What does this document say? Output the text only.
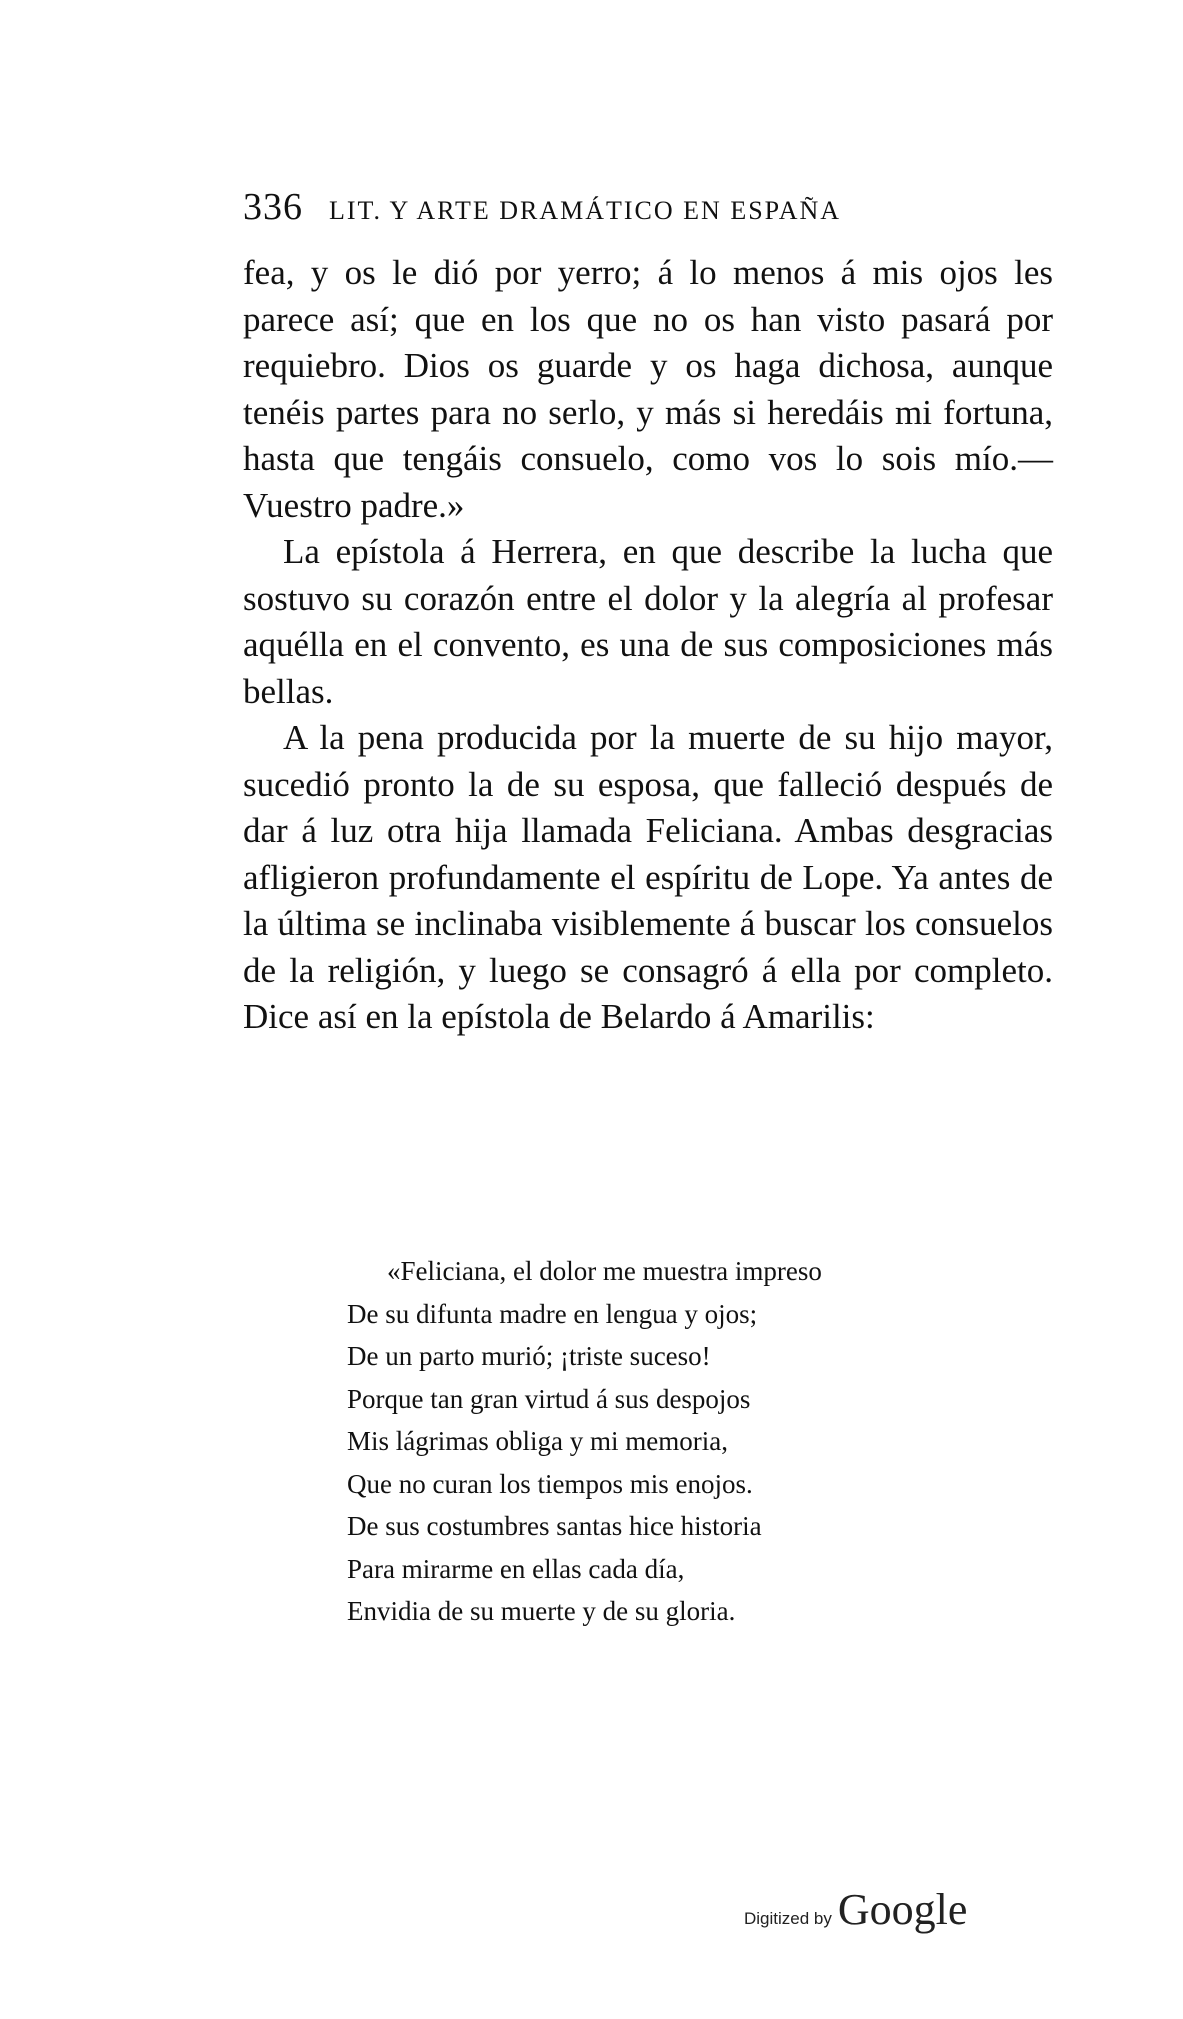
336 LIT. Y ARTE DRAMÁTICO EN ESPAÑA

fea, y os le dió por yerro; á lo menos á mis ojos les parece así; que en los que no os han visto pasará por requiebro. Dios os guarde y os haga dichosa, aunque tenéis partes para no serlo, y más si heredáis mi fortuna, hasta que tengáis consuelo, como vos lo sois mío.—Vuestro padre.»

La epístola á Herrera, en que describe la lucha que sostuvo su corazón entre el dolor y la alegría al profesar aquélla en el convento, es una de sus composiciones más bellas.

A la pena producida por la muerte de su hijo mayor, sucedió pronto la de su esposa, que falleció después de dar á luz otra hija llamada Feliciana. Ambas desgracias afligieron profundamente el espíritu de Lope. Ya antes de la última se inclinaba visiblemente á buscar los consuelos de la religión, y luego se consagró á ella por completo. Dice así en la epístola de Belardo á Amarilis:

«Feliciana, el dolor me muestra impreso
De su difunta madre en lengua y ojos;
De un parto murió; ¡triste suceso!
Porque tan gran virtud á sus despojos
Mis lágrimas obliga y mi memoria,
Que no curan los tiempos mis enojos.
De sus costumbres santas hice historia
Para mirarme en ellas cada día,
Envidia de su muerte y de su gloria.
Digitized by Google
